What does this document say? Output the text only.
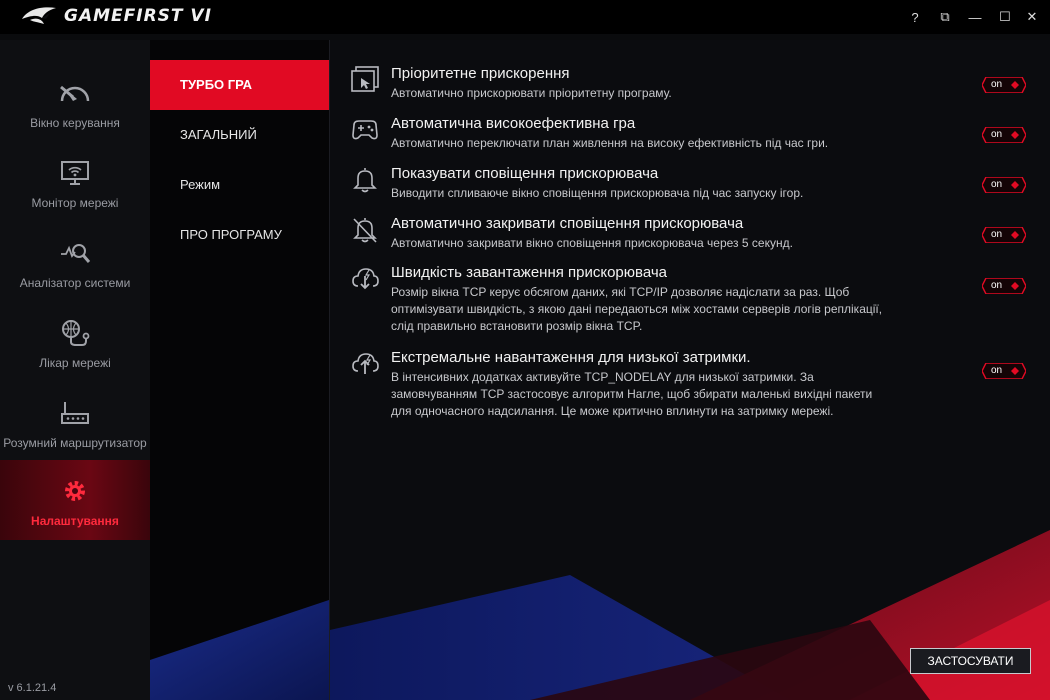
GAMEFIRST VI	?	⧉	—	☐	✕
Вікно керування
Монітор мережі
Аналізатор системи
Лікар мережі
Розумний маршрутизатор
Налаштування
v 6.1.21.4
ТУРБО ГРА
ЗАГАЛЬНИЙ
Режим
ПРО ПРОГРАМУ
Пріоритетне прискорення
Автоматично прискорювати пріоритетну програму.
on
Автоматична високоефективна гра
Автоматично переключати план живлення на високу ефективність під час гри.
on
Показувати сповіщення прискорювача
Виводити спливаюче вікно сповіщення прискорювача під час запуску ігор.
on
Автоматично закривати сповіщення прискорювача
Автоматично закривати вікно сповіщення прискорювача через 5 секунд.
on
Швидкість завантаження прискорювача
Розмір вікна TCP керує обсягом даних, які TCP/IP дозволяє надіслати за раз. Щоб оптимізувати швидкість, з якою дані передаються між хостами серверів логів реплікації, слід правильно встановити розмір вікна TCP.
on
Екстремальне навантаження для низької затримки.
В інтенсивних додатках активуйте TCP_NODELAY для низької затримки. За замовчуванням TCP застосовує алгоритм Нагле, щоб збирати маленькі вихідні пакети для одночасного надсилання. Це може критично вплинути на затримку мережі.
on
ЗАСТОСУВАТИ
